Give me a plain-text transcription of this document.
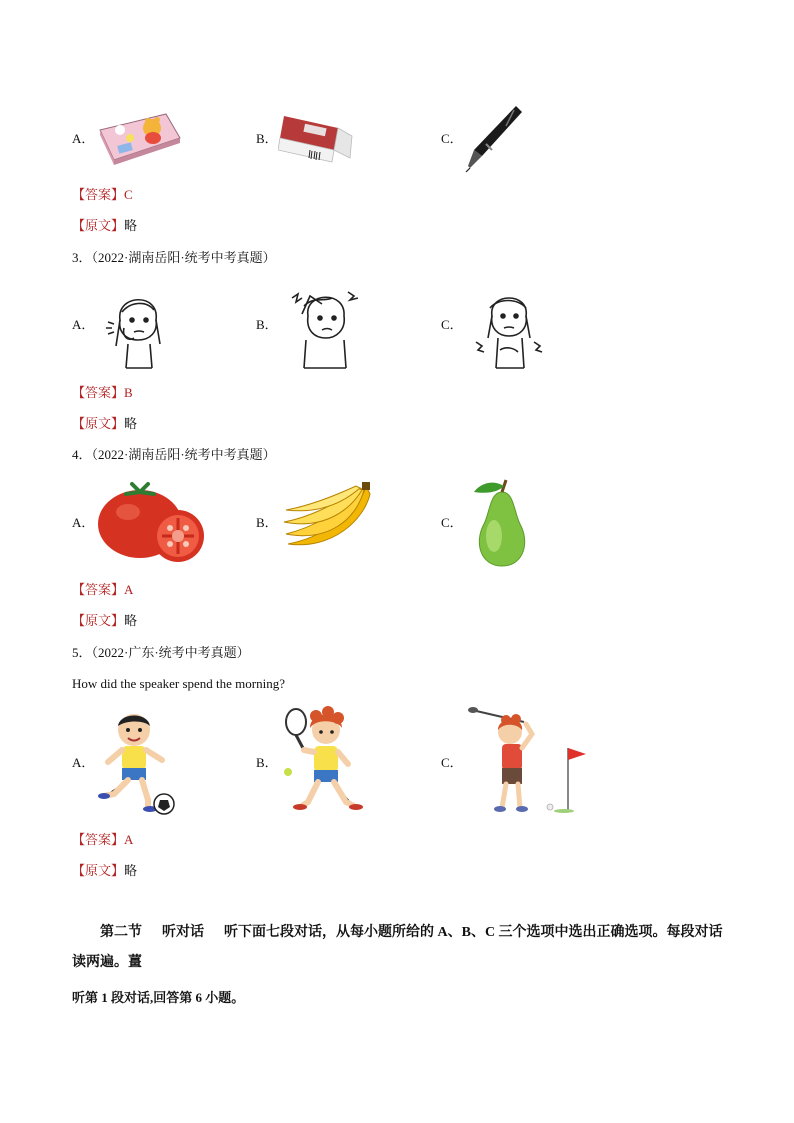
A．	B．	C．
【答案】C
【原文】略
3．（2022·湖南岳阳·统考中考真题）
A．	B．	C．
【答案】B
【原文】略
4．（2022·湖南岳阳·统考中考真题）
A．	B．	C．
【答案】A
【原文】略
5．（2022·广东·统考中考真题）
How did the speaker spend the morning?
A．	B．	C．
【答案】A
【原文】略
第二节 听对话 听下面七段对话，从每小题所给的 A、B、C 三个选项中选出正确选项。每段对话读两遍。薑
听第 1 段对话,回答第 6 小题。
